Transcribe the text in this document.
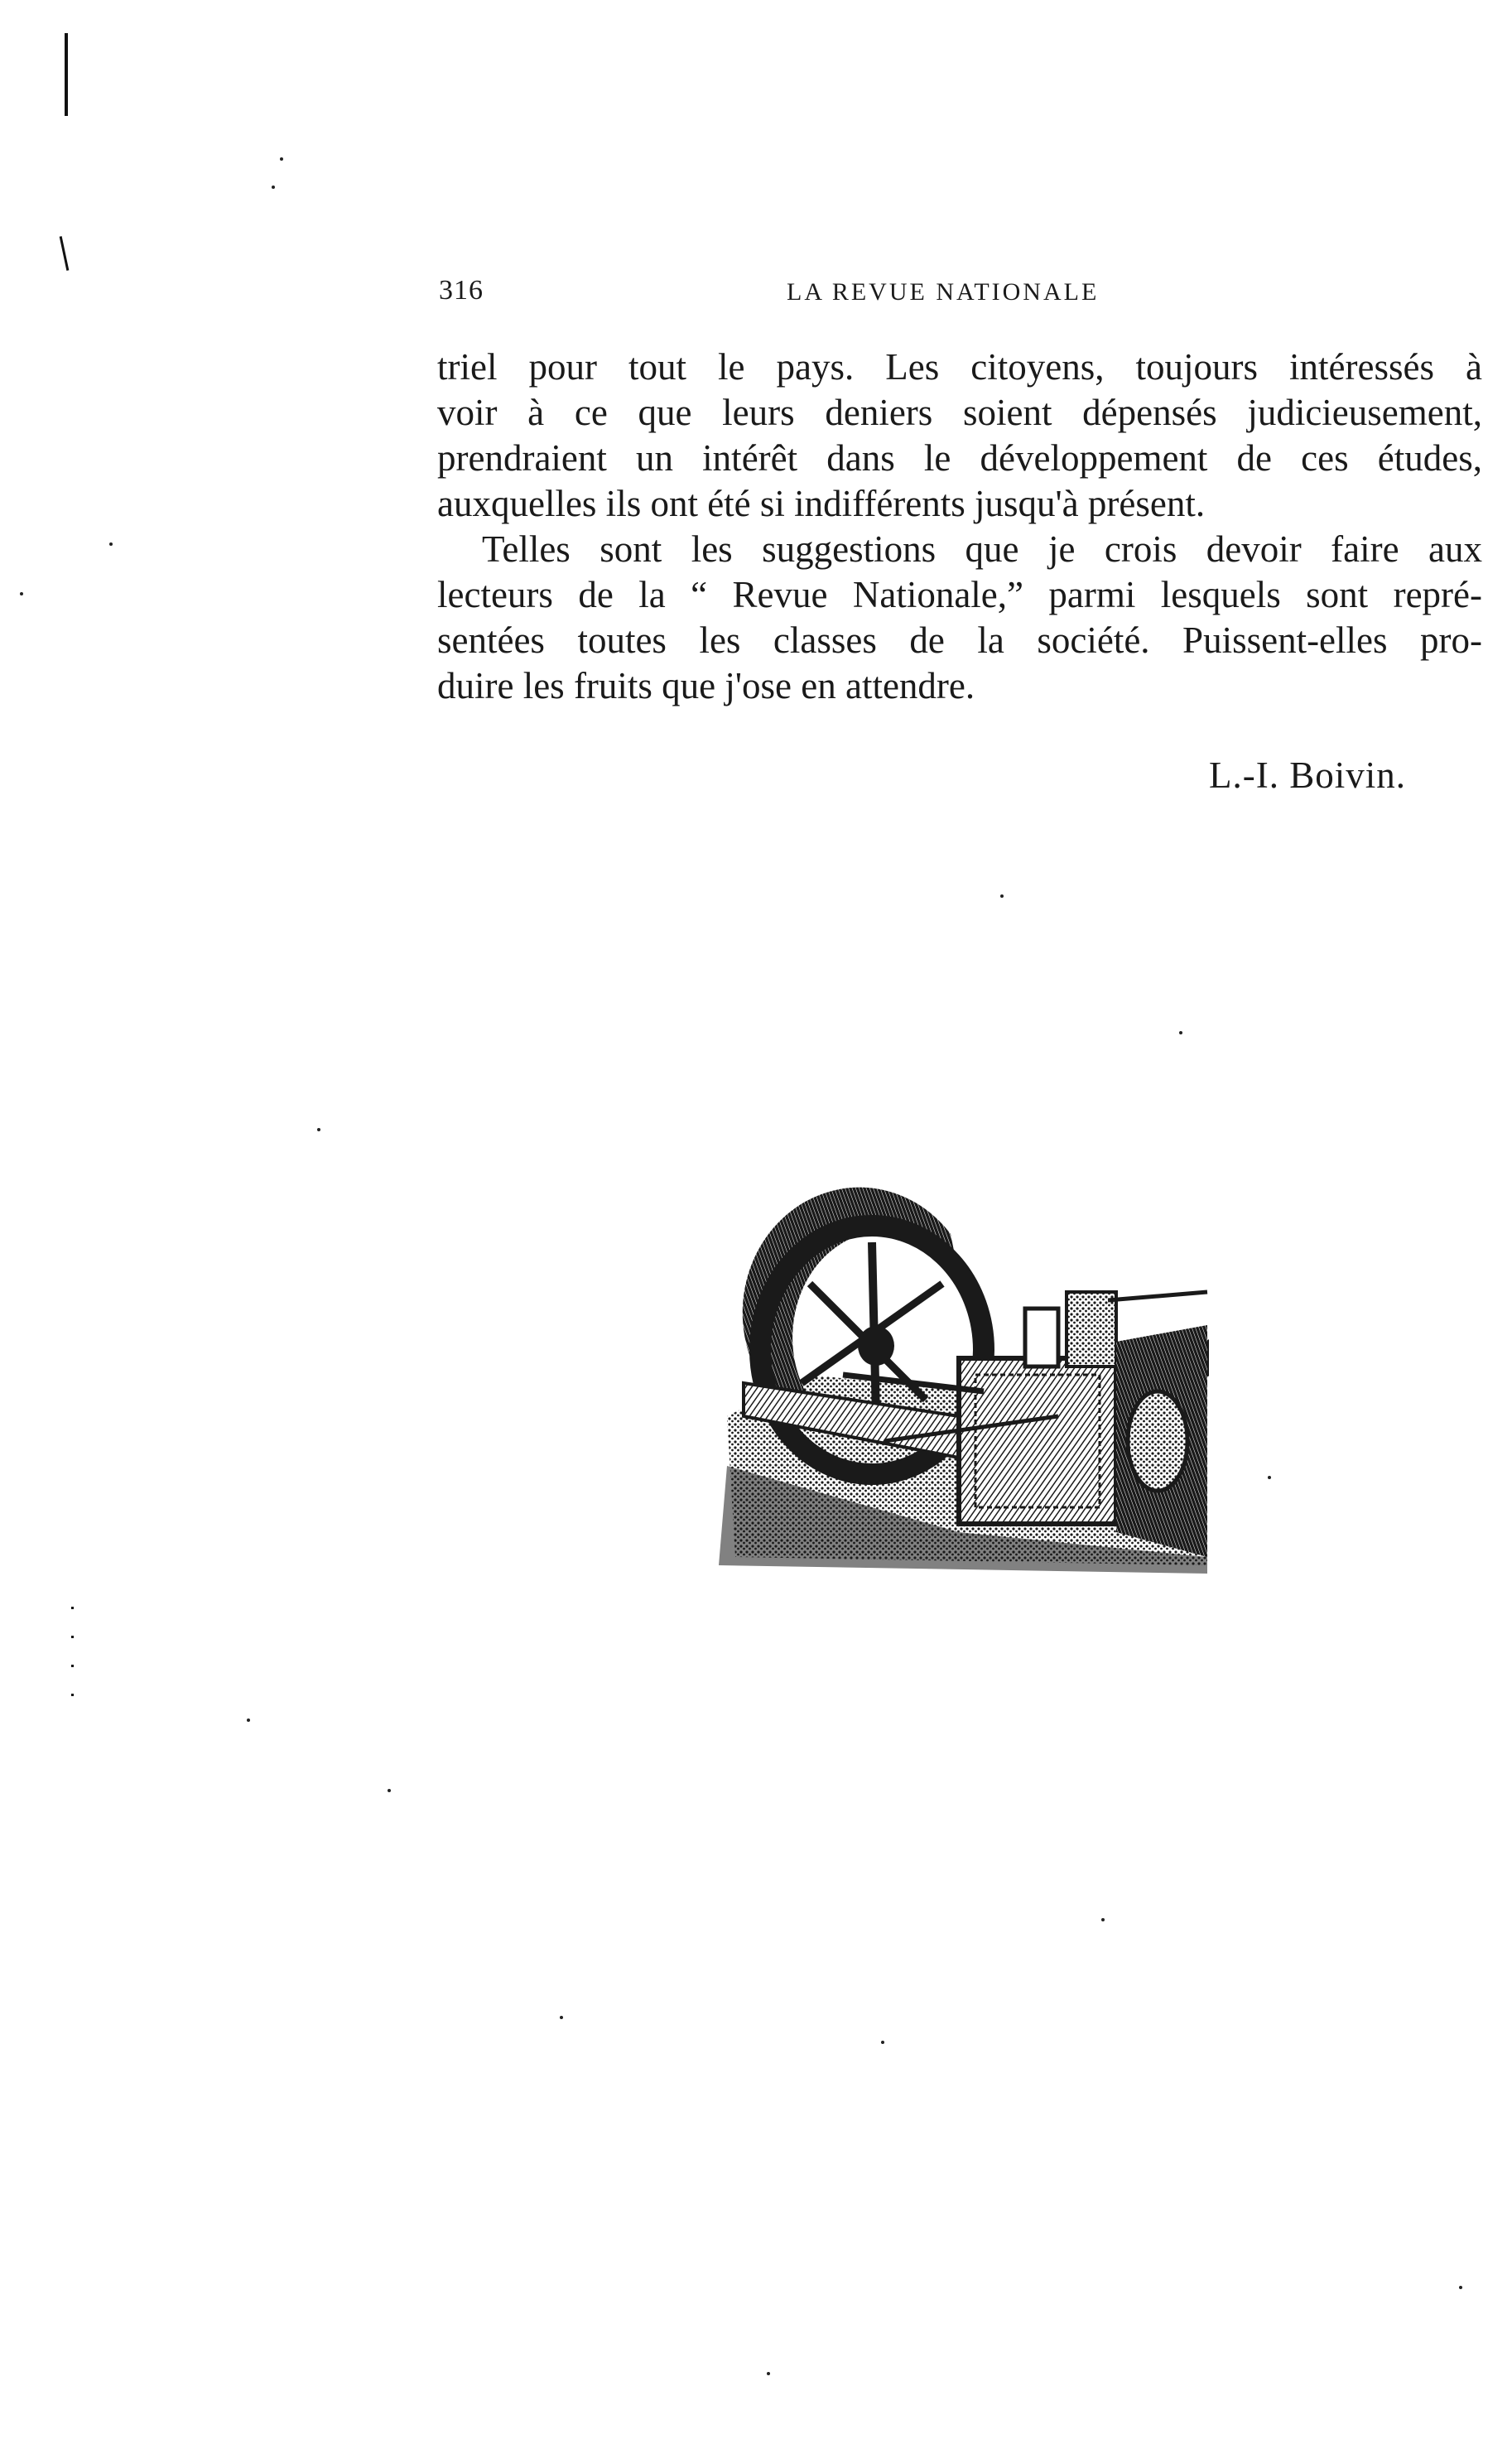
316	LA REVUE NATIONALE
triel pour tout le pays. Les citoyens, toujours intéressés à
voir à ce que leurs deniers soient dépensés judicieusement,
prendraient un intérêt dans le développement de ces études,
auxquelles ils ont été si indifférents jusqu'à présent.
Telles sont les suggestions que je crois devoir faire aux
lecteurs de la “ Revue Nationale,” parmi lesquels sont repré-
sentées toutes les classes de la société. Puissent-elles pro-
duire les fruits que j'ose en attendre.
L.-I. Boivin.
